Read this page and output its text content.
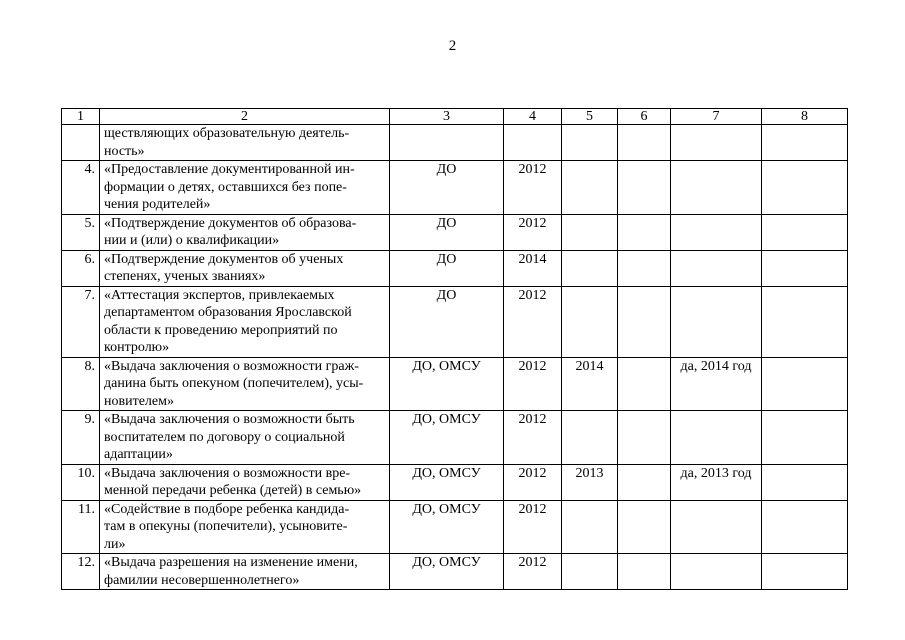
2
1	2	3	4	5	6	7	8
	ществляющих образовательную деятель-
ность»						
4.	«Предоставление документированной ин-
формации о детях, оставшихся без попе-
чения родителей»	ДО	2012				
5.	«Подтверждение документов об образова-
нии и (или) о квалификации»	ДО	2012				
6.	«Подтверждение документов об ученых
степенях, ученых званиях»	ДО	2014				
7.	«Аттестация экспертов, привлекаемых
департаментом образования Ярославской
области к проведению мероприятий по
контролю»	ДО	2012				
8.	«Выдача заключения о возможности граж-
данина быть опекуном (попечителем), усы-
новителем»	ДО, ОМСУ	2012	2014		да, 2014 год	
9.	«Выдача заключения о возможности быть
воспитателем по договору о социальной
адаптации»	ДО, ОМСУ	2012				
10.	«Выдача заключения о возможности вре-
менной передачи ребенка (детей) в семью»	ДО, ОМСУ	2012	2013		да, 2013 год	
11.	«Содействие в подборе ребенка кандида-
там в опекуны (попечители), усыновите-
ли»	ДО, ОМСУ	2012				
12.	«Выдача разрешения на изменение имени,
фамилии несовершеннолетнего»	ДО, ОМСУ	2012				
